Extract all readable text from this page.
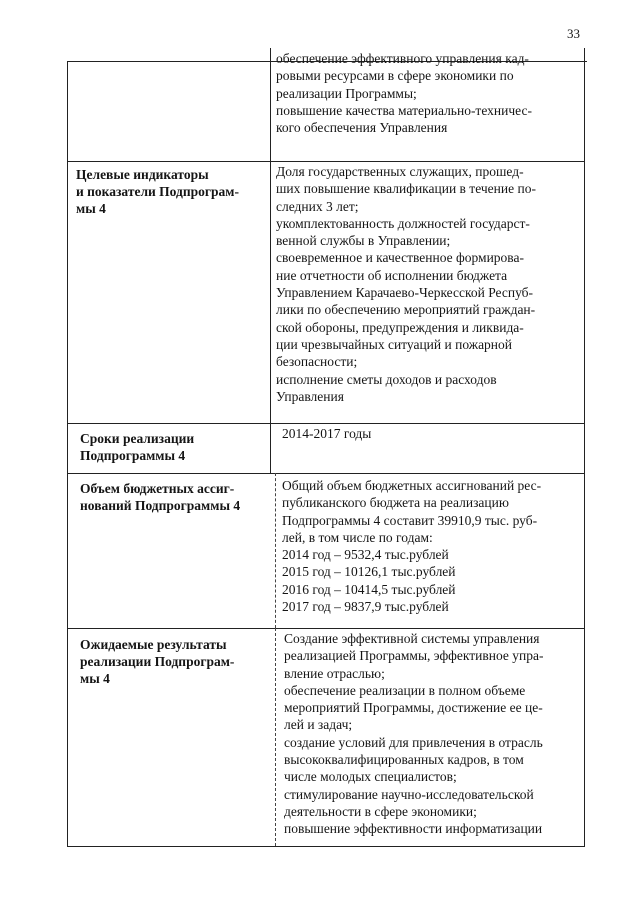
33
обеспечение эффективного управления кад-
ровыми ресурсами в сфере экономики по
реализации Программы;
повышение качества материально-техничес-
кого обеспечения Управления
Целевые индикаторы
и показатели Подпрограм-
мы 4
Доля государственных служащих, прошед-
ших повышение квалификации в течение по-
следних 3 лет;
укомплектованность должностей государст-
венной службы в Управлении;
своевременное и качественное формирова-
ние отчетности об исполнении бюджета
Управлением Карачаево-Черкесской Респуб-
лики по обеспечению мероприятий граждан-
ской обороны, предупреждения и ликвида-
ции чрезвычайных ситуаций и пожарной
безопасности;
исполнение сметы доходов и расходов
Управления
Сроки реализации
Подпрограммы 4
2014-2017 годы
Объем бюджетных ассиг-
нований Подпрограммы 4
Общий объем бюджетных ассигнований рес-
публиканского бюджета на реализацию
Подпрограммы 4 составит 39910,9 тыс. руб-
лей, в том числе по годам:
2014 год – 9532,4 тыс.рублей
2015 год – 10126,1 тыс.рублей
2016 год – 10414,5 тыс.рублей
2017 год – 9837,9 тыс.рублей
Ожидаемые результаты
реализации Подпрограм-
мы 4
Создание эффективной системы управления
реализацией Программы, эффективное упра-
вление отраслью;
обеспечение реализации в полном объеме
мероприятий Программы, достижение ее це-
лей и задач;
создание условий для привлечения в отрасль
высококвалифицированных кадров, в том
числе молодых специалистов;
стимулирование научно-исследовательской
деятельности в сфере экономики;
повышение эффективности информатизации
